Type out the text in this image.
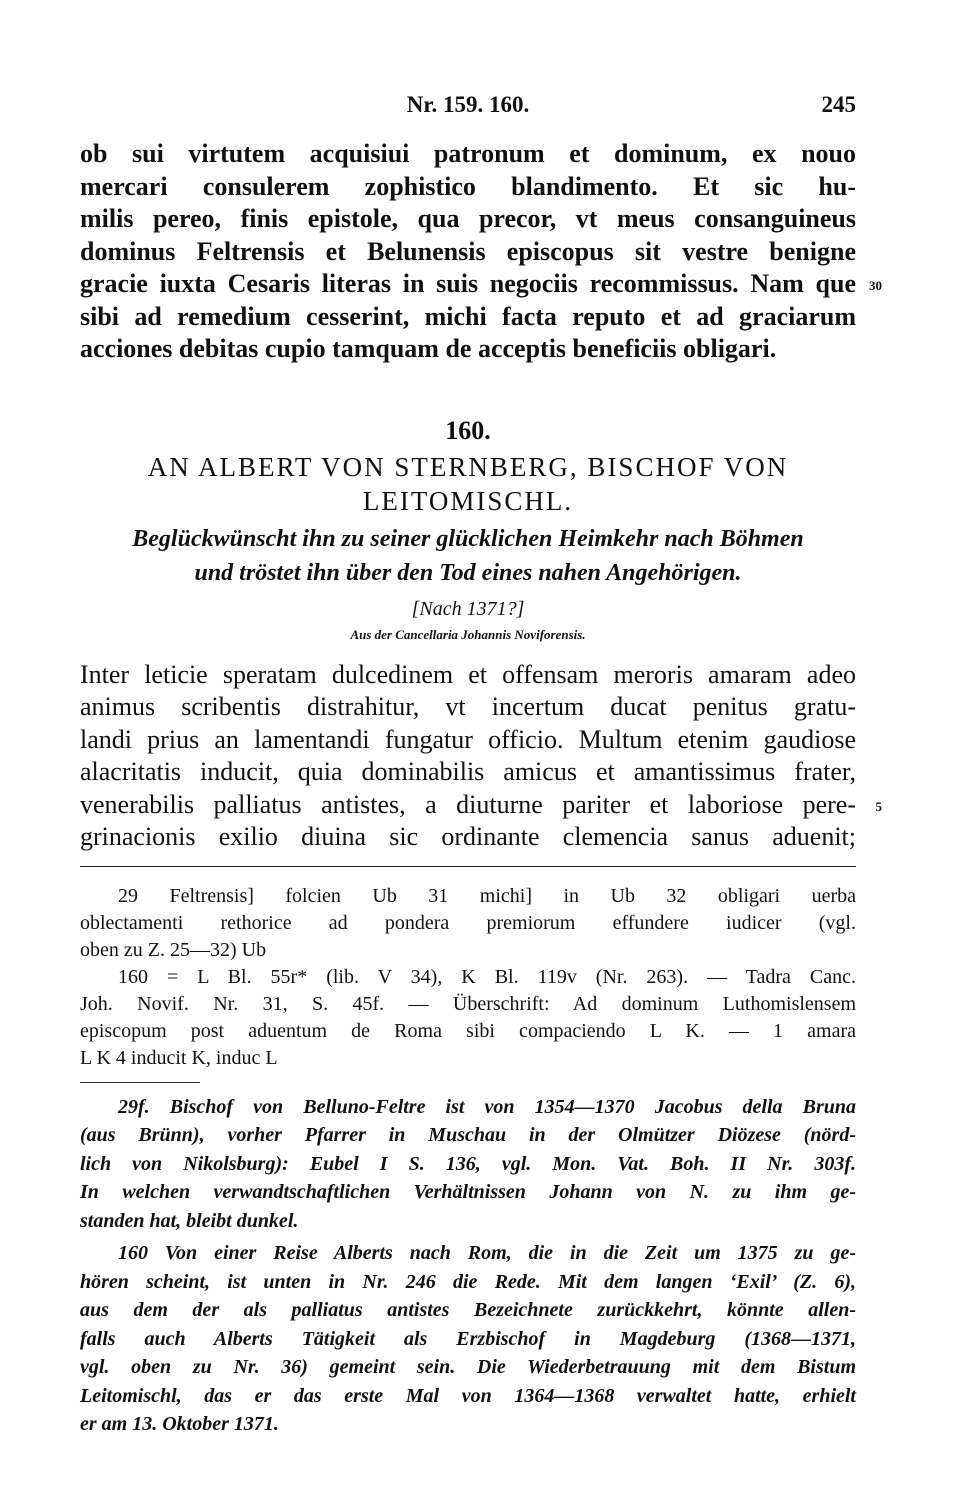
Nr. 159. 160.	245
ob sui virtutem acquisiui patronum et dominum, ex nouo
mercari consulerem zophistico blandimento. Et sic hu-
milis pereo, finis epistole, qua precor, vt meus consanguineus
dominus Feltrensis et Belunensis episcopus sit vestre benigne
gracie iuxta Cesaris literas in suis negociis recommissus. Nam que 30
sibi ad remedium cesserint, michi facta reputo et ad graciarum
acciones debitas cupio tamquam de acceptis beneficiis obligari.
160.
AN ALBERT VON STERNBERG, BISCHOF VON
LEITOMISCHL.
Beglückwünscht ihn zu seiner glücklichen Heimkehr nach Böhmen
und tröstet ihn über den Tod eines nahen Angehörigen.
[Nach 1371?]
Aus der Cancellaria Johannis Noviforensis.
Inter leticie speratam dulcedinem et offensam meroris amaram adeo
animus scribentis distrahitur, vt incertum ducat penitus gratu-
landi prius an lamentandi fungatur officio. Multum etenim gaudiose
alacritatis inducit, quia dominabilis amicus et amantissimus frater,
venerabilis palliatus antistes, a diuturne pariter et laboriose pere- 5
grinacionis exilio diuina sic ordinante clemencia sanus aduenit;
29 Feltrensis] folcien Ub 31 michi] in Ub 32 obligari uerba
oblectamenti rethorice ad pondera premiorum effundere iudicer (vgl.
oben zu Z. 25—32) Ub
160 = L Bl. 55r* (lib. V 34), K Bl. 119v (Nr. 263). — Tadra Canc.
Joh. Novif. Nr. 31, S. 45f. — Überschrift: Ad dominum Luthomislensem
episcopum post aduentum de Roma sibi compaciendo L K. — 1 amara
L K 4 inducit K, induc L
29f. Bischof von Belluno-Feltre ist von 1354—1370 Jacobus della Bruna
(aus Brünn), vorher Pfarrer in Muschau in der Olmützer Diözese (nörd-
lich von Nikolsburg): Eubel I S. 136, vgl. Mon. Vat. Boh. II Nr. 303f.
In welchen verwandtschaftlichen Verhältnissen Johann von N. zu ihm ge-
standen hat, bleibt dunkel.
160 Von einer Reise Alberts nach Rom, die in die Zeit um 1375 zu ge-
hören scheint, ist unten in Nr. 246 die Rede. Mit dem langen ‘Exil’ (Z. 6),
aus dem der als palliatus antistes Bezeichnete zurückkehrt, könnte allen-
falls auch Alberts Tätigkeit als Erzbischof in Magdeburg (1368—1371,
vgl. oben zu Nr. 36) gemeint sein. Die Wiederbetrauung mit dem Bistum
Leitomischl, das er das erste Mal von 1364—1368 verwaltet hatte, erhielt
er am 13. Oktober 1371.
